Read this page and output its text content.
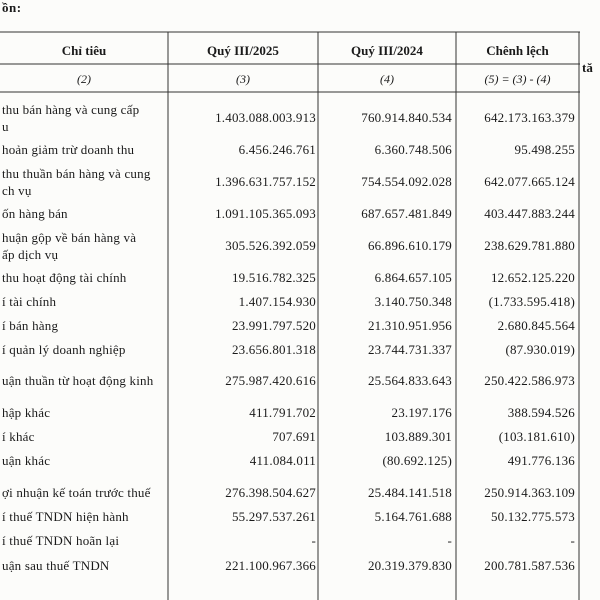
ồn:
Chỉ tiêu	Quý III/2025	Quý III/2024	Chênh lệch
(2)	(3)	(4)	(5) = (3) - (4)
tă
thu bán hàng và cung cấp
u
1.403.088.003.913	760.914.840.534	642.173.163.379
hoản giảm trừ doanh thu	6.456.246.761	6.360.748.506	95.498.255
thu thuần bán hàng và cung
ch vụ
1.396.631.757.152	754.554.092.028	642.077.665.124
ốn hàng bán	1.091.105.365.093	687.657.481.849	403.447.883.244
huận gộp về bán hàng và
ấp dịch vụ
305.526.392.059	66.896.610.179	238.629.781.880
thu hoạt động tài chính	19.516.782.325	6.864.657.105	12.652.125.220
í tài chính	1.407.154.930	3.140.750.348	(1.733.595.418)
í bán hàng	23.991.797.520	21.310.951.956	2.680.845.564
í quản lý doanh nghiệp	23.656.801.318	23.744.731.337	(87.930.019)
uận thuần từ hoạt động kinh	275.987.420.616	25.564.833.643	250.422.586.973
hập khác	411.791.702	23.197.176	388.594.526
í khác	707.691	103.889.301	(103.181.610)
uận khác	411.084.011	(80.692.125)	491.776.136
ợi nhuận kế toán trước thuế	276.398.504.627	25.484.141.518	250.914.363.109
í thuế TNDN hiện hành	55.297.537.261	5.164.761.688	50.132.775.573
í thuế TNDN hoãn lại	-	-	-
uận sau thuế TNDN	221.100.967.366	20.319.379.830	200.781.587.536
